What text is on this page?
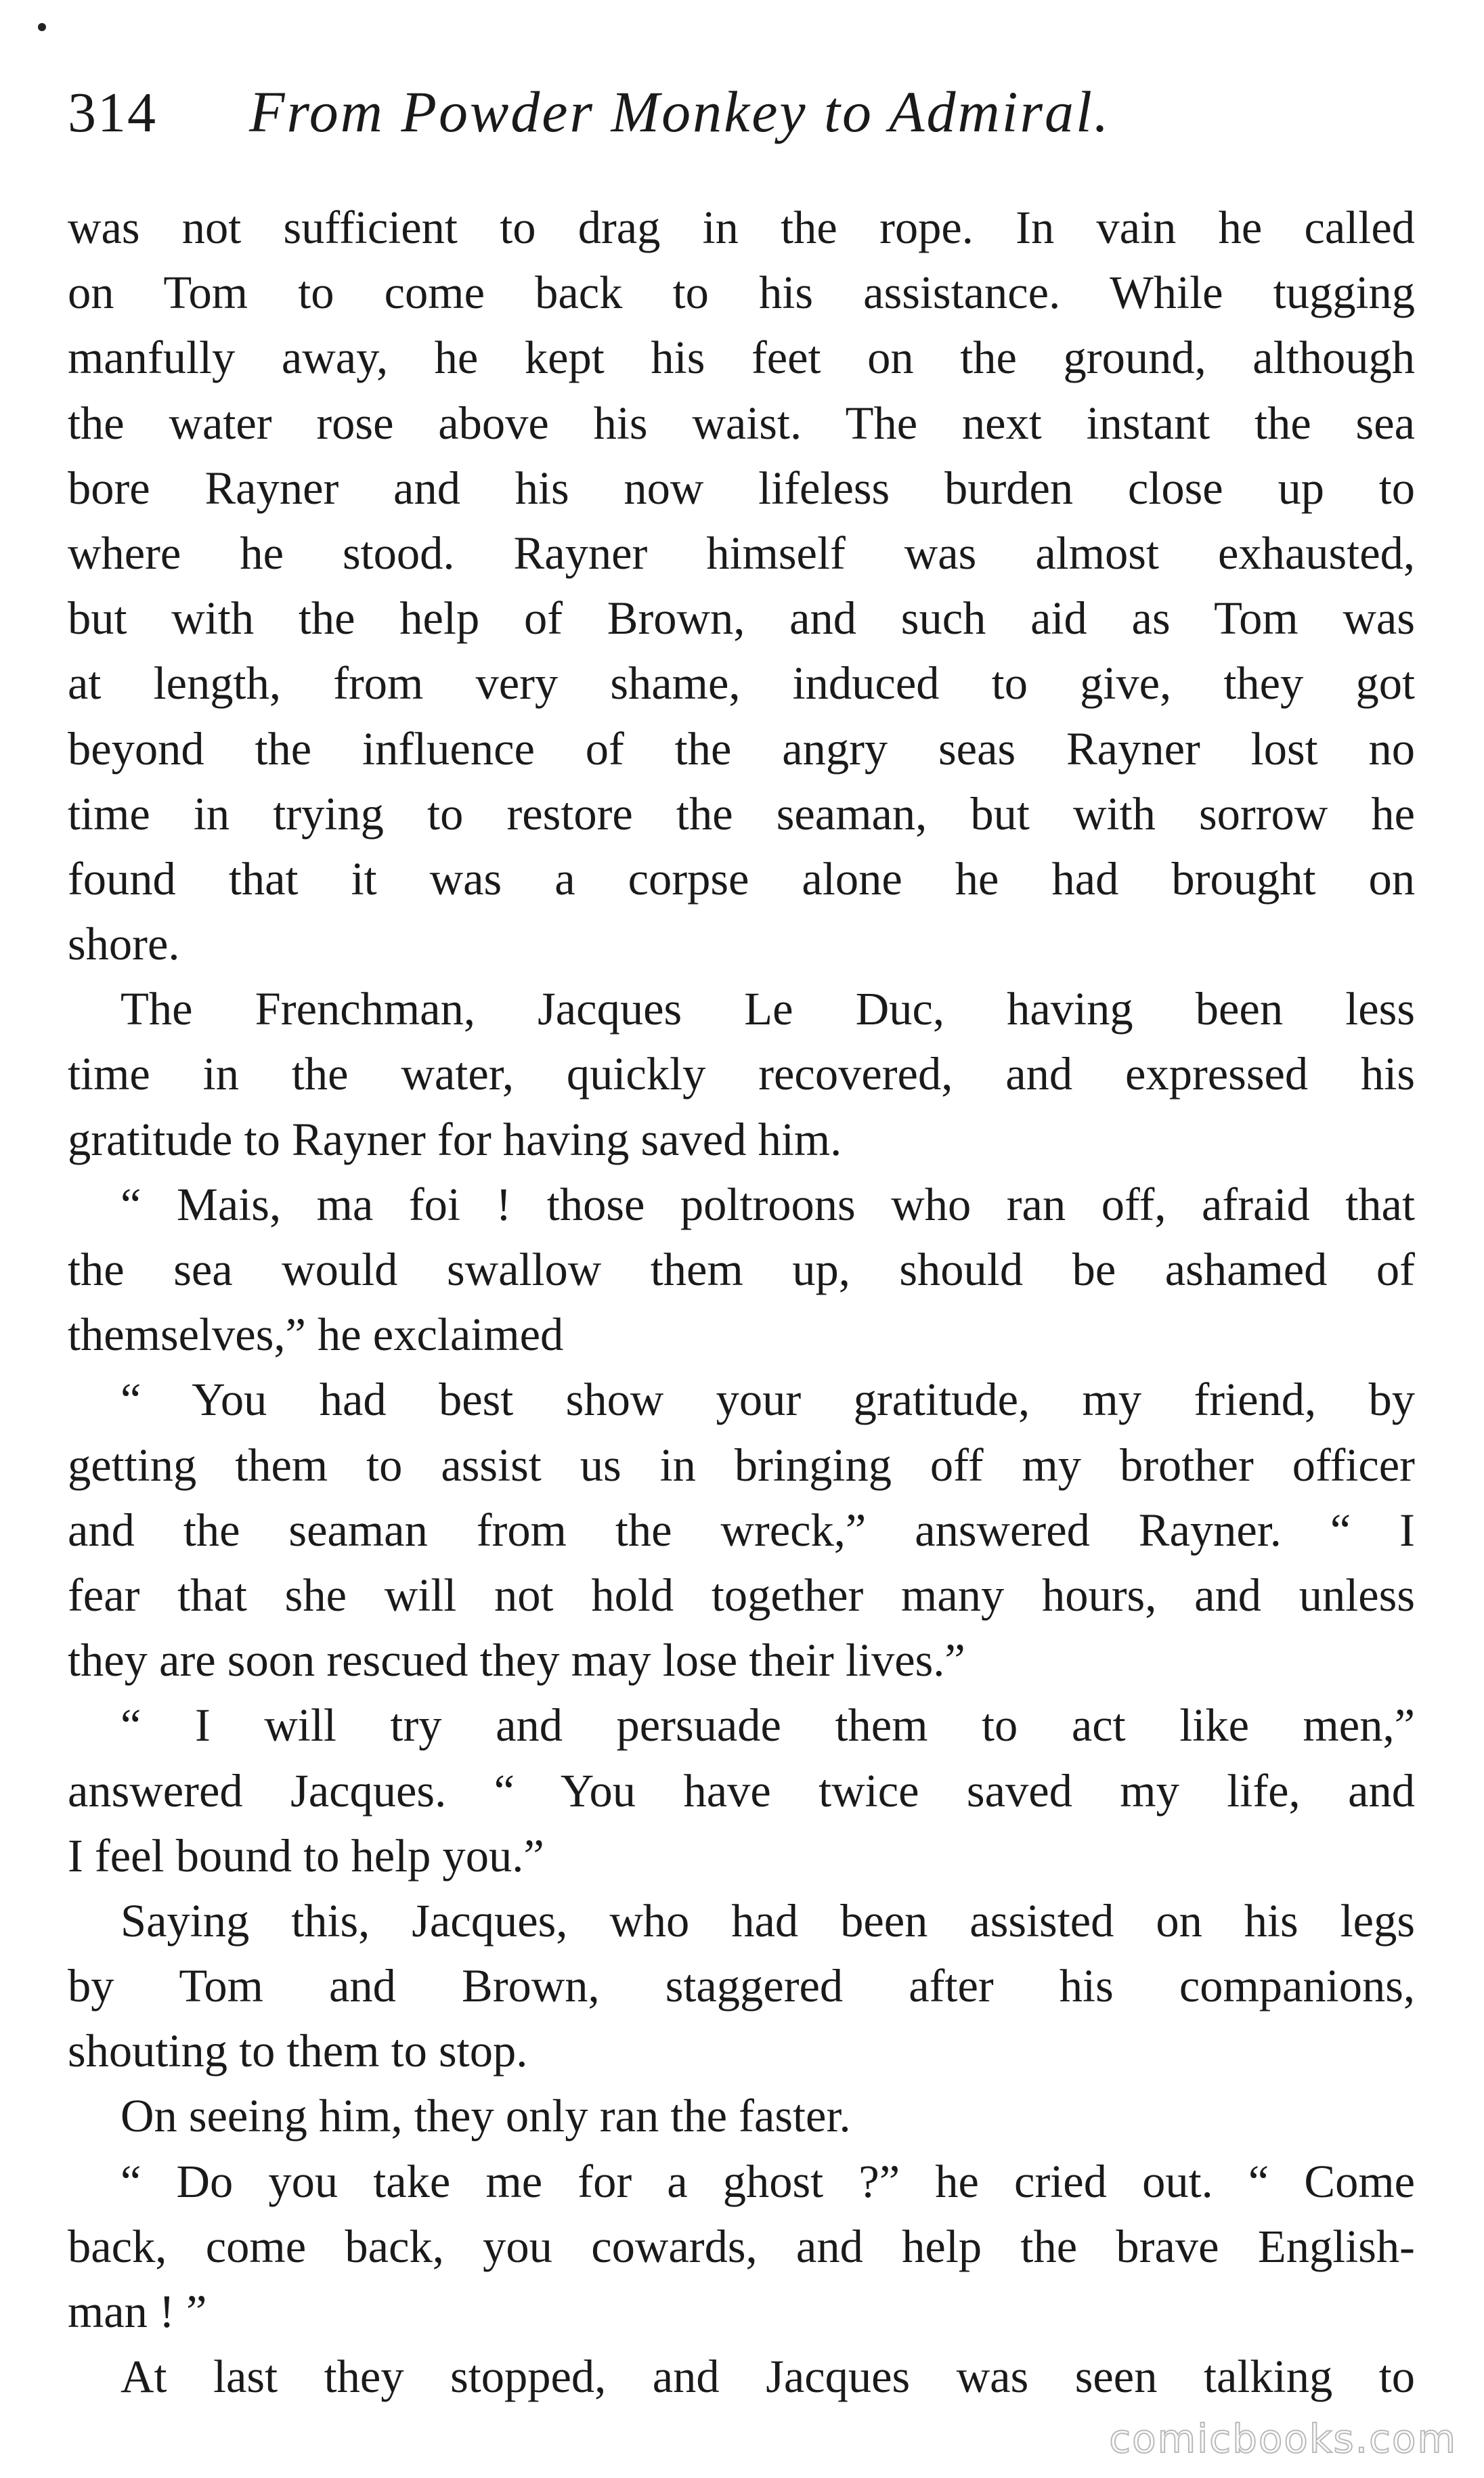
314 From Powder Monkey to Admiral.
was not sufficient to drag in the rope. In vain he called
on Tom to come back to his assistance. While tugging
manfully away, he kept his feet on the ground, although
the water rose above his waist. The next instant the sea
bore Rayner and his now lifeless burden close up to
where he stood. Rayner himself was almost exhausted,
but with the help of Brown, and such aid as Tom was
at length, from very shame, induced to give, they got
beyond the influence of the angry seas Rayner lost no
time in trying to restore the seaman, but with sorrow he
found that it was a corpse alone he had brought on
shore.
The Frenchman, Jacques Le Duc, having been less
time in the water, quickly recovered, and expressed his
gratitude to Rayner for having saved him.
“ Mais, ma foi ! those poltroons who ran off, afraid that
the sea would swallow them up, should be ashamed of
themselves,” he exclaimed
“ You had best show your gratitude, my friend, by
getting them to assist us in bringing off my brother officer
and the seaman from the wreck,” answered Rayner. “ I
fear that she will not hold together many hours, and unless
they are soon rescued they may lose their lives.”
“ I will try and persuade them to act like men,”
answered Jacques. “ You have twice saved my life, and
I feel bound to help you.”
Saying this, Jacques, who had been assisted on his legs
by Tom and Brown, staggered after his companions,
shouting to them to stop.
On seeing him, they only ran the faster.
“ Do you take me for a ghost ?” he cried out. “ Come
back, come back, you cowards, and help the brave English-
man ! ”
At last they stopped, and Jacques was seen talking to
comicbooks.com
